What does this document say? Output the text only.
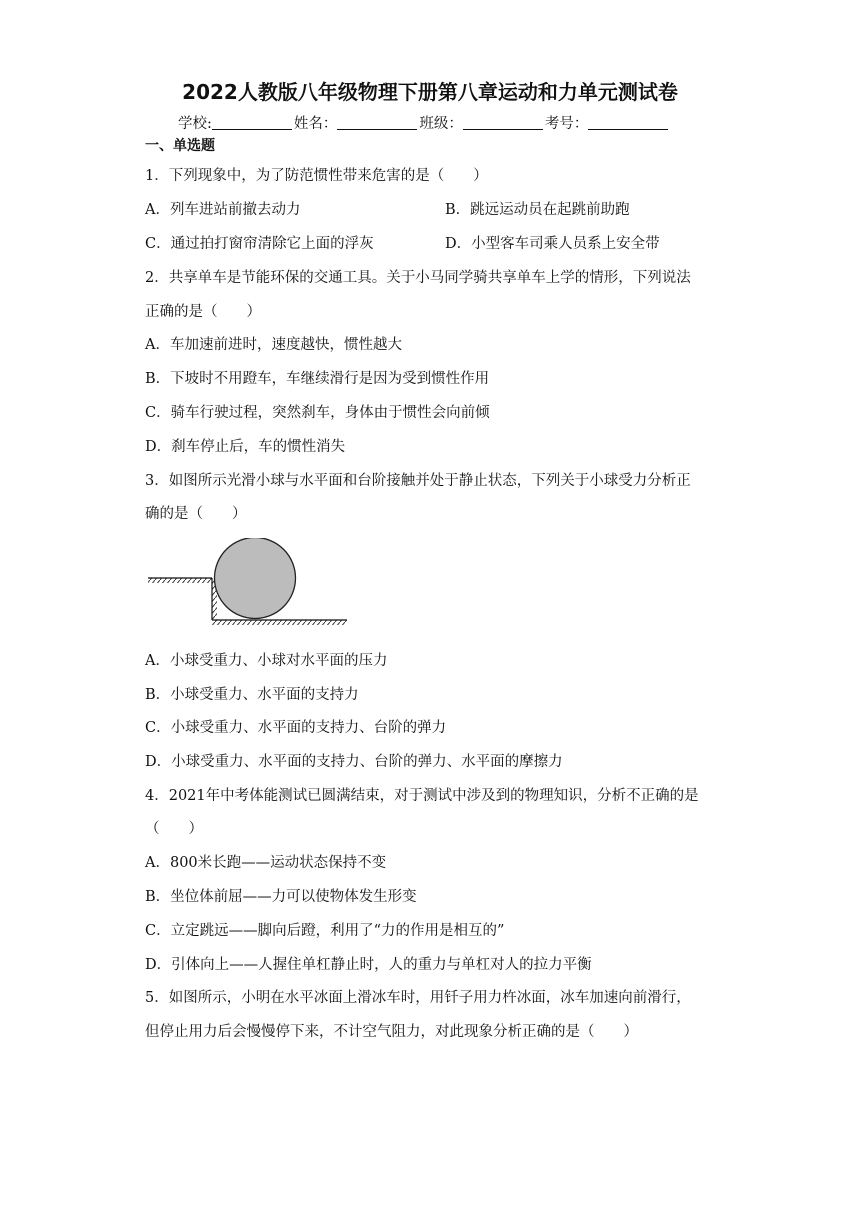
2022人教版八年级物理下册第八章运动和力单元测试卷
学校:	姓名：	班级：	考号：
一、单选题
1．下列现象中，为了防范惯性带来危害的是（　　）
A．列车进站前撤去动力	B．跳远运动员在起跳前助跑
C．通过拍打窗帘清除它上面的浮灰	D．小型客车司乘人员系上安全带
2．共享单车是节能环保的交通工具。关于小马同学骑共享单车上学的情形，下列说法
正确的是（　　）
A．车加速前进时，速度越快，惯性越大
B．下坡时不用蹬车，车继续滑行是因为受到惯性作用
C．骑车行驶过程，突然刹车，身体由于惯性会向前倾
D．刹车停止后，车的惯性消失
3．如图所示光滑小球与水平面和台阶接触并处于静止状态，下列关于小球受力分析正
确的是（　　）
A．小球受重力、小球对水平面的压力
B．小球受重力、水平面的支持力
C．小球受重力、水平面的支持力、台阶的弹力
D．小球受重力、水平面的支持力、台阶的弹力、水平面的摩擦力
4．2021年中考体能测试已圆满结束，对于测试中涉及到的物理知识，分析不正确的是
（　　）
A．800米长跑——运动状态保持不变
B．坐位体前屈——力可以使物体发生形变
C．立定跳远——脚向后蹬，利用了“力的作用是相互的”
D．引体向上——人握住单杠静止时，人的重力与单杠对人的拉力平衡
5．如图所示，小明在水平冰面上滑冰车时，用钎子用力杵冰面，冰车加速向前滑行，
但停止用力后会慢慢停下来，不计空气阻力，对此现象分析正确的是（　　）
